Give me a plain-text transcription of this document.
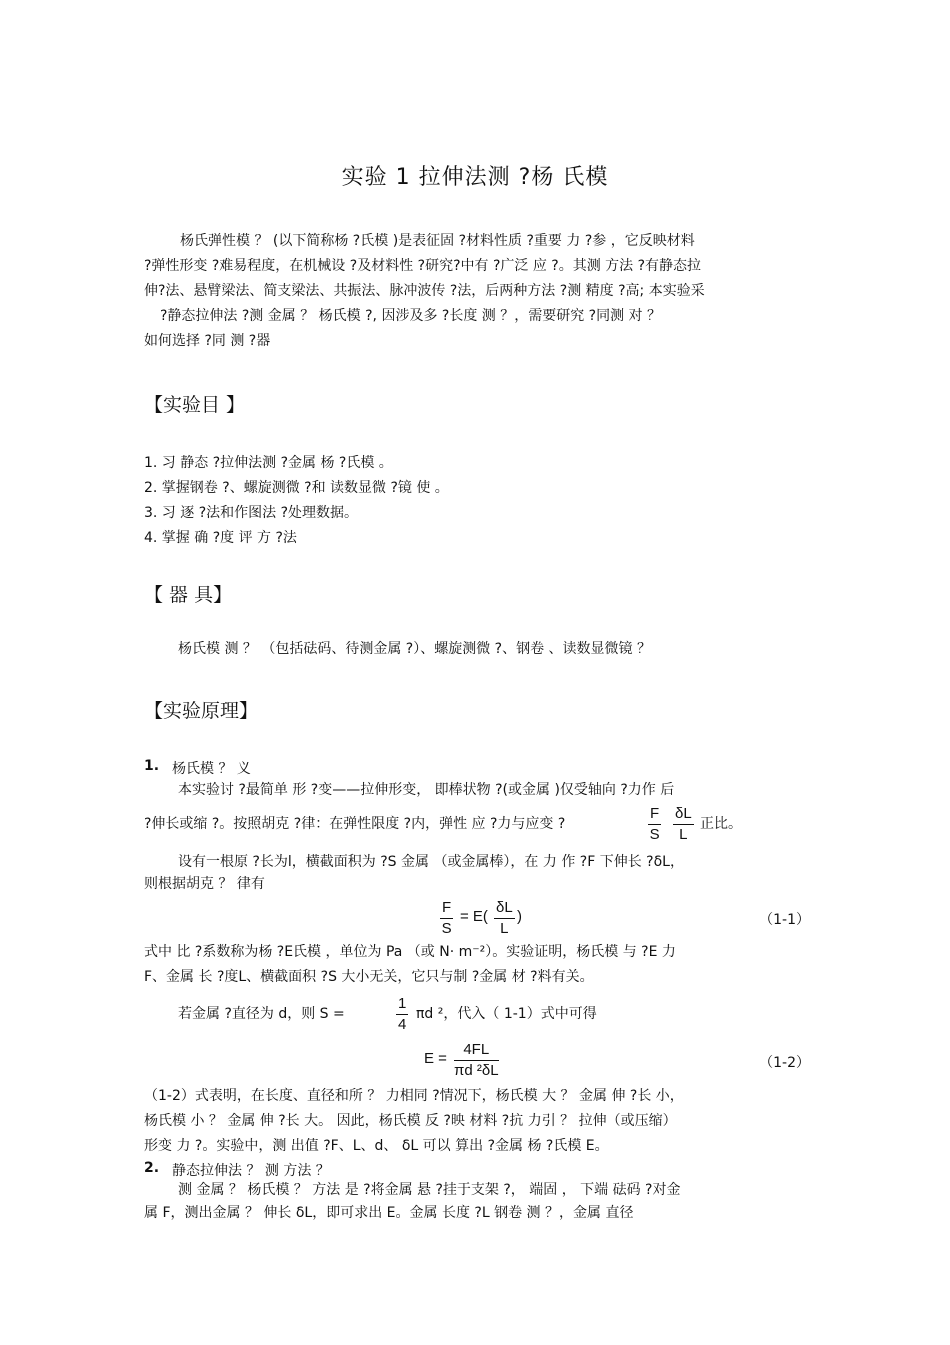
实验 1 拉伸法测 ?杨 氏模
杨氏弹性模 ？ (以下简称杨 ?氏模 )是表征固 ?材料性质 ?重要 力 ?参 ，它反映材料
?弹性形变 ?难易程度，在机械设 ?及材料性 ?研究?中有 ?广泛 应 ?。其测 方法 ?有静态拉
伸?法、悬臂梁法、简支梁法、共振法、脉冲波传 ?法，后两种方法 ?测 精度 ?高; 本实验采
?静态拉伸法 ?测 金属 ？ 杨氏模 ?, 因涉及多 ?长度 测 ？，需要研究 ?同测 对 ？
如何选择 ?同 测 ?器
【实验目 】
1. 习 静态 ?拉伸法测 ?金属 杨 ?氏模 。
2. 掌握钢卷 ?、螺旋测微 ?和 读数显微 ?镜 使 。
3. 习 逐 ?法和作图法 ?处理数据。
4. 掌握 确 ?度 评 方 ?法
【 器 具】
杨氏模 测 ？ （包括砝码、待测金属 ?）、螺旋测微 ?、钢卷 、读数显微镜 ？
【实验原理】
1. 杨氏模 ？ 义
本实验讨 ?最简单 形 ?变——拉伸形变， 即棒状物 ?(或金属 )仅受轴向 ?力作 后
?伸长或缩 ?。按照胡克 ?律：在弹性限度 ?内，弹性 应 ?力与应变 ?	$\frac{F}{S} \frac{\delta L}{L}$ 正比。
设有一根原 ?长为l，横截面积为 ?S 金属 （或金属棒），在 力 作 ?F 下伸长 ?δL，
则根据胡克 ？ 律有
$\frac{F}{S} = E( \frac{\delta L}{L}$ )	（1-1）
式中 比 ?系数称为杨 ?E氏模 ，单位为 Pa （或 N· m⁻²）。实验证明，杨氏模 与 ?E 力
F、金属 长 ?度L、横截面积 ?S 大小无关，它只与制 ?金属 材 ?料有关。
若金属 ?直径为 d，则 S =	$\frac{1}{4}$ πd ²，代入（ 1-1）式中可得
$E = \frac{4FL}{\text{πd ²δL}}$	（1-2）
（1-2）式表明，在长度、直径和所 ？ 力相同 ?情况下，杨氏模 大 ？ 金属 伸 ?长 小，
杨氏模 小 ？ 金属 伸 ?长 大。 因此，杨氏模 反 ?映 材料 ?抗 力引 ？ 拉伸（或压缩）
形变 力 ?。实验中，测 出值 ?F、L、d、 δL 可以 算出 ?金属 杨 ?氏模 E。
2. 静态拉伸法 ？ 测 方法 ？
测 金属 ？ 杨氏模 ？ 方法 是 ?将金属 悬 ?挂于支架 ?， 端固 ， 下端 砝码 ?对金
属 F，测出金属 ？ 伸长 δL，即可求出 E。金属 长度 ?L 钢卷 测 ？，金属 直径
